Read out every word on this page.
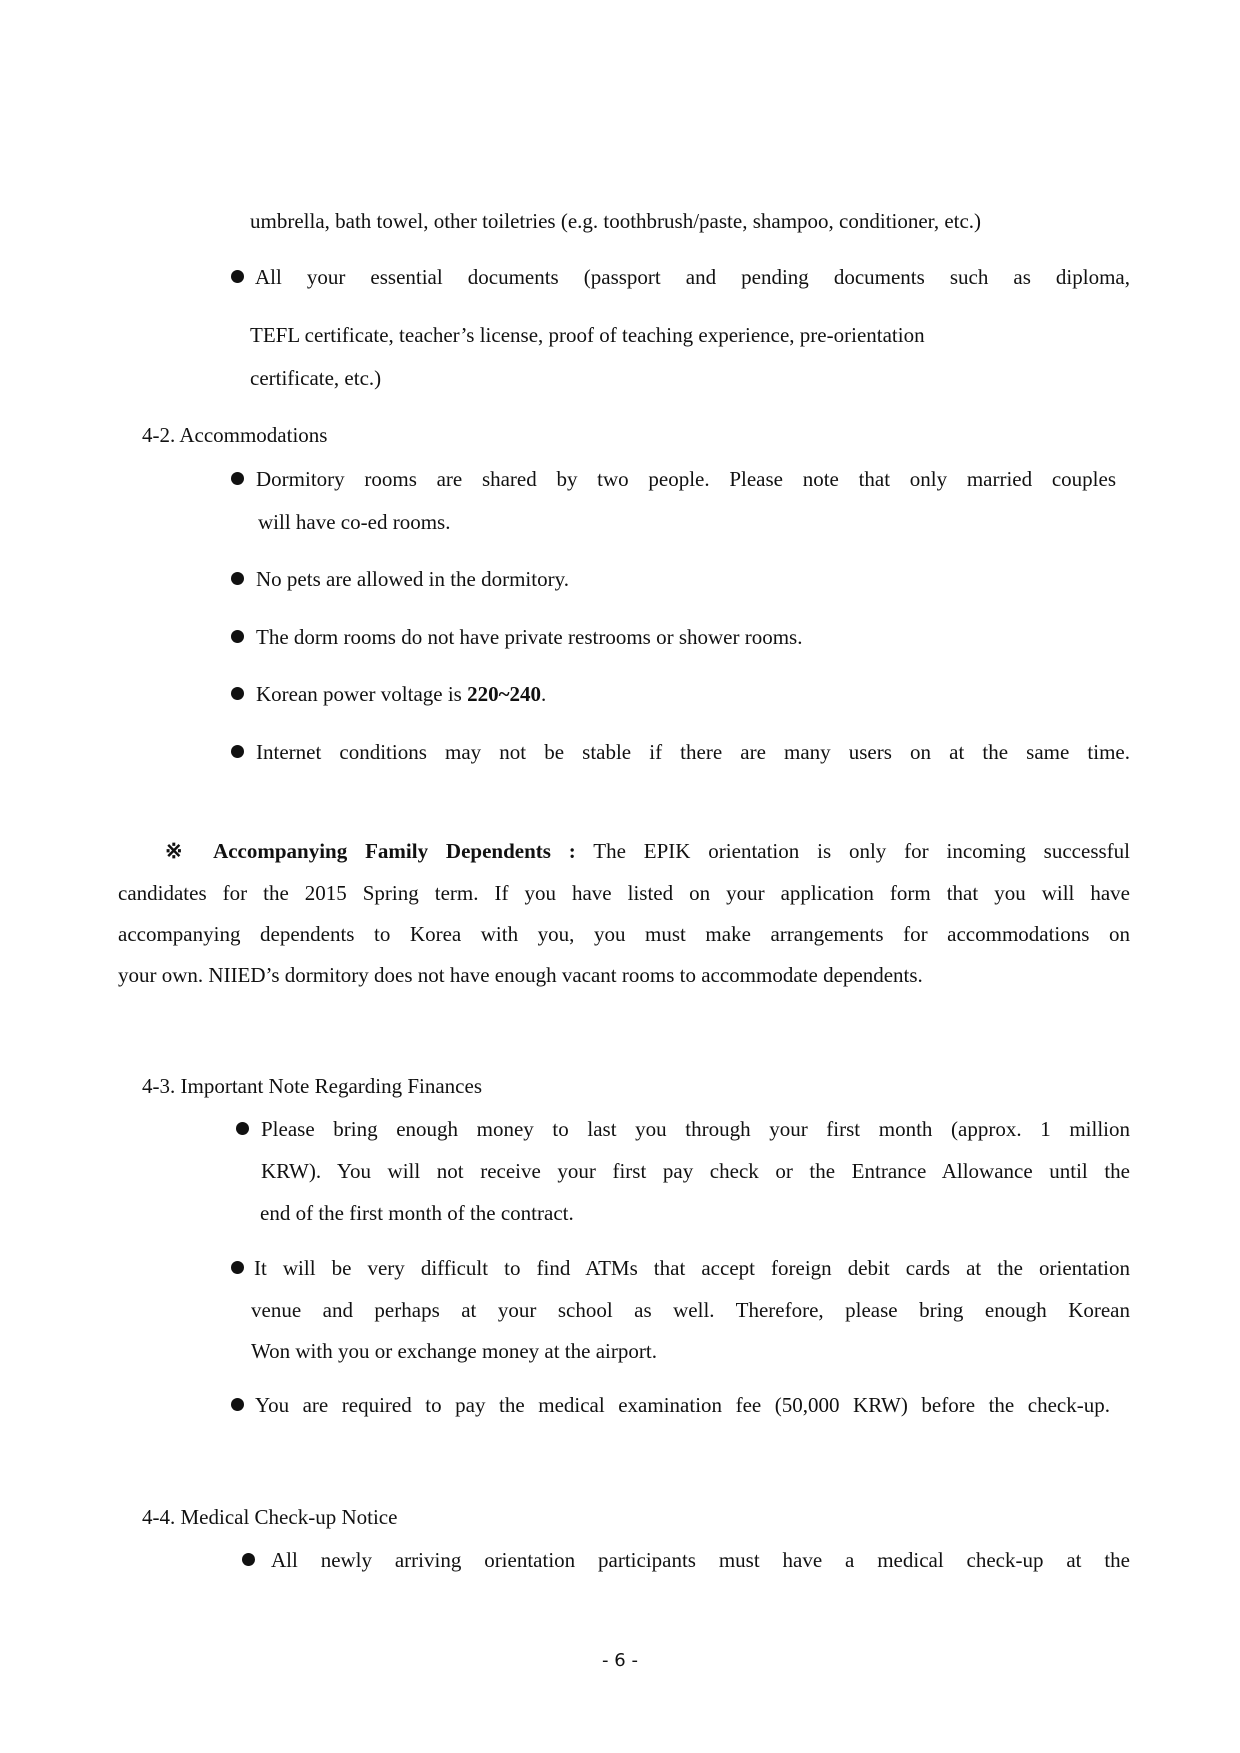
umbrella, bath towel, other toiletries (e.g. toothbrush/paste, shampoo, conditioner, etc.)
All your essential documents (passport and pending documents such as diploma,
TEFL certificate, teacher’s license, proof of teaching experience, pre-orientation
certificate, etc.)
4-2. Accommodations
Dormitory rooms are shared by two people. Please note that only married couples
will have co-ed rooms.
No pets are allowed in the dormitory.
The dorm rooms do not have private restrooms or shower rooms.
Korean power voltage is 220~240.
Internet conditions may not be stable if there are many users on at the same time.
※ Accompanying Family Dependents : The EPIK orientation is only for incoming successful
candidates for the 2015 Spring term. If you have listed on your application form that you will have
accompanying dependents to Korea with you, you must make arrangements for accommodations on
your own. NIIED’s dormitory does not have enough vacant rooms to accommodate dependents.
4-3. Important Note Regarding Finances
Please bring enough money to last you through your first month (approx. 1 million
KRW). You will not receive your first pay check or the Entrance Allowance until the
end of the first month of the contract.
It will be very difficult to find ATMs that accept foreign debit cards at the orientation
venue and perhaps at your school as well. Therefore, please bring enough Korean
Won with you or exchange money at the airport.
You are required to pay the medical examination fee (50,000 KRW) before the check-up.
4-4. Medical Check-up Notice
All newly arriving orientation participants must have a medical check-up at the
- 6 -
